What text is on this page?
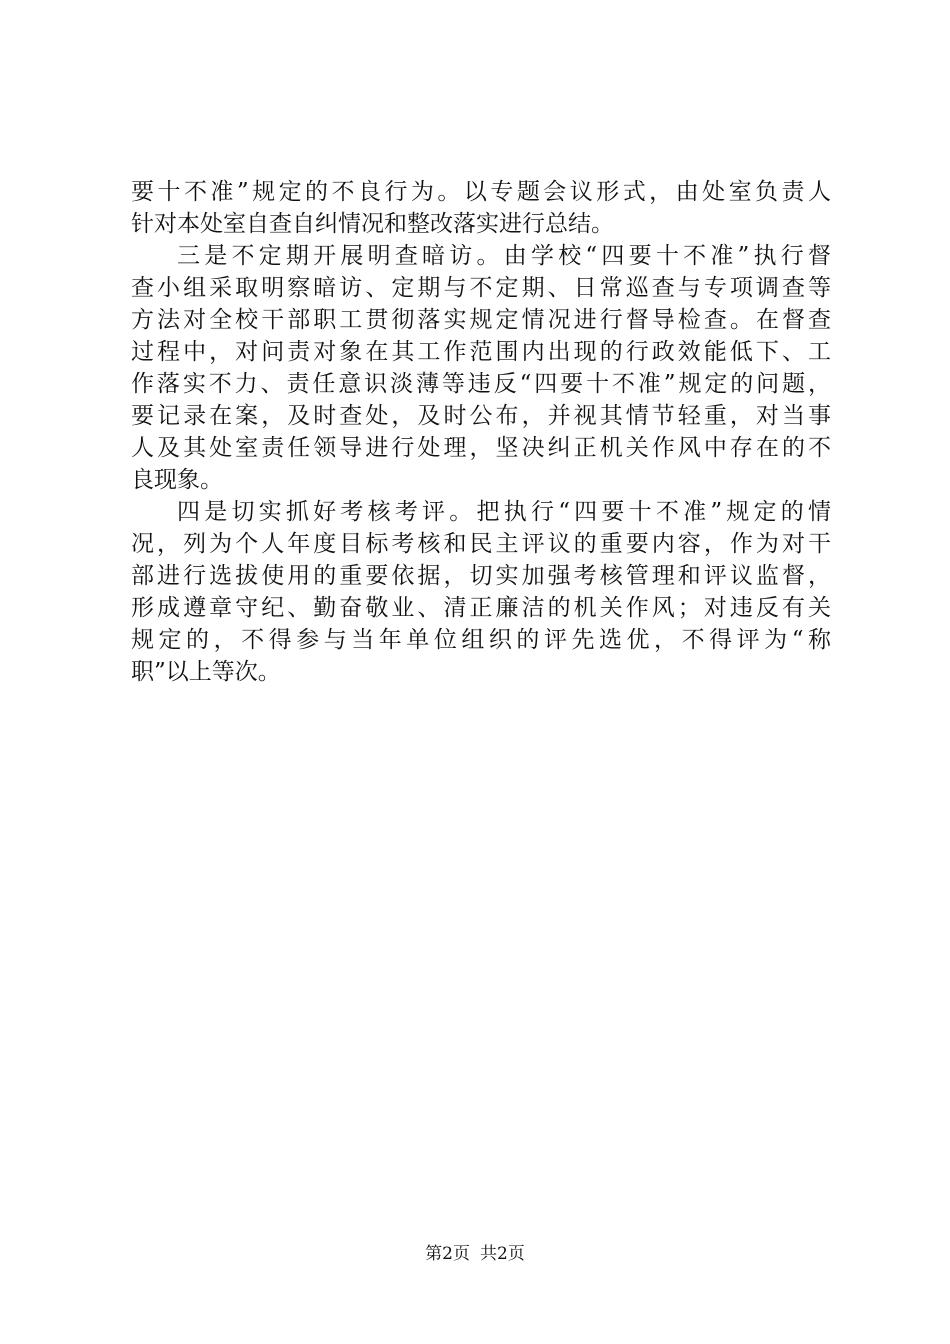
要十不准”规定的不良行为。以专题会议形式，由处室负责人
针对本处室自查自纠情况和整改落实进行总结。
三是不定期开展明查暗访。由学校“四要十不准”执行督
查小组采取明察暗访、定期与不定期、日常巡查与专项调查等
方法对全校干部职工贯彻落实规定情况进行督导检查。在督查
过程中，对问责对象在其工作范围内出现的行政效能低下、工
作落实不力、责任意识淡薄等违反“四要十不准”规定的问题，
要记录在案，及时查处，及时公布，并视其情节轻重，对当事
人及其处室责任领导进行处理，坚决纠正机关作风中存在的不
良现象。
四是切实抓好考核考评。把执行“四要十不准”规定的情
况，列为个人年度目标考核和民主评议的重要内容，作为对干
部进行选拔使用的重要依据，切实加强考核管理和评议监督，
形成遵章守纪、勤奋敬业、清正廉洁的机关作风；对违反有关
规定的，不得参与当年单位组织的评先选优，不得评为“称
职”以上等次。
第2页 共2页
